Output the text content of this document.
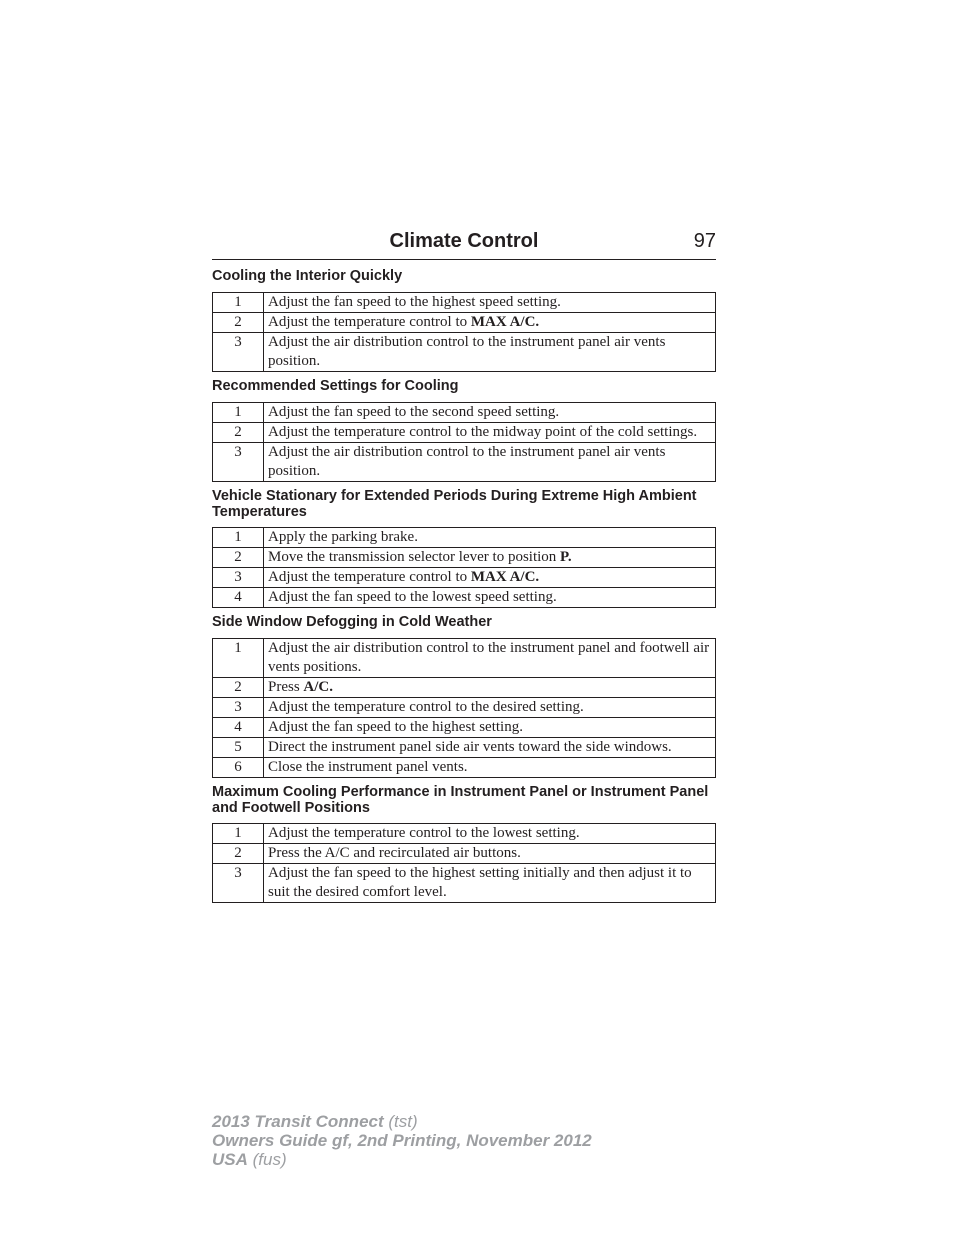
Climate Control	97
Cooling the Interior Quickly
1	Adjust the fan speed to the highest speed setting.
2	Adjust the temperature control to MAX A/C.
3	Adjust the air distribution control to the instrument panel air vents position.
Recommended Settings for Cooling
1	Adjust the fan speed to the second speed setting.
2	Adjust the temperature control to the midway point of the cold settings.
3	Adjust the air distribution control to the instrument panel air vents position.
Vehicle Stationary for Extended Periods During Extreme High Ambient Temperatures
1	Apply the parking brake.
2	Move the transmission selector lever to position P.
3	Adjust the temperature control to MAX A/C.
4	Adjust the fan speed to the lowest speed setting.
Side Window Defogging in Cold Weather
1	Adjust the air distribution control to the instrument panel and footwell air vents positions.
2	Press A/C.
3	Adjust the temperature control to the desired setting.
4	Adjust the fan speed to the highest setting.
5	Direct the instrument panel side air vents toward the side windows.
6	Close the instrument panel vents.
Maximum Cooling Performance in Instrument Panel or Instrument Panel and Footwell Positions
1	Adjust the temperature control to the lowest setting.
2	Press the A/C and recirculated air buttons.
3	Adjust the fan speed to the highest setting initially and then adjust it to suit the desired comfort level.
2013 Transit Connect (tst)
Owners Guide gf, 2nd Printing, November 2012
USA (fus)
